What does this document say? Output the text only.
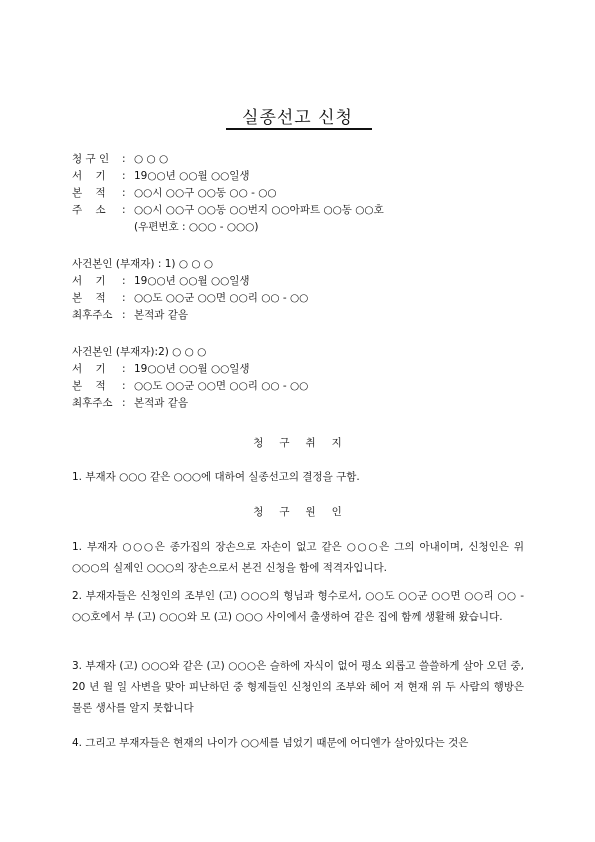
실종선고 신청
청 구 인 : ○ ○ ○
서    기 : 19○○년 ○○월 ○○일생
본    적 : ○○시 ○○구 ○○동 ○○ - ○○
주    소 : ○○시 ○○구 ○○동 ○○번지 ○○아파트 ○○동 ○○호
(우편번호 : ○○○ - ○○○)
사건본인 (부재자) : 1) ○ ○ ○
서    기 : 19○○년 ○○월 ○○일생
본    적 : ○○도 ○○군 ○○면 ○○리 ○○ - ○○
최후주소 : 본적과 같음
사건본인 (부재자):2) ○ ○ ○
서    기 : 19○○년 ○○월 ○○일생
본    적 : ○○도 ○○군 ○○면 ○○리 ○○ - ○○
최후주소 : 본적과 같음
청구취지
1. 부재자 ○○○ 같은 ○○○에 대하여 실종선고의 결정을 구함.
청구원인
1. 부재자 ○○○은 종가집의 장손으로 자손이 없고 같은 ○○○은 그의 아내이며, 신청인은 위 ○○○의 실제인 ○○○의 장손으로서 본건 신청을 함에 적격자입니다.
2. 부재자들은 신청인의 조부인 (고) ○○○의 형님과 형수로서, ○○도 ○○군 ○○면 ○○리 ○○ - ○○호에서 부 (고) ○○○와 모 (고) ○○○ 사이에서 출생하여 같은 집에 함께 생활해 왔습니다.
3. 부재자 (고) ○○○와 같은 (고) ○○○은 슬하에 자식이 없어 평소 외롭고 쓸쓸하게 살아 오던 중, 20 년 월 일 사변을 맞아 피난하던 중 형제들인 신청인의 조부와 헤어 져 현재 위 두 사람의 행방은 물론 생사를 알지 못합니다
4. 그리고 부재자들은 현재의 나이가 ○○세를 넘었기 때문에 어디엔가 살아있다는 것은
